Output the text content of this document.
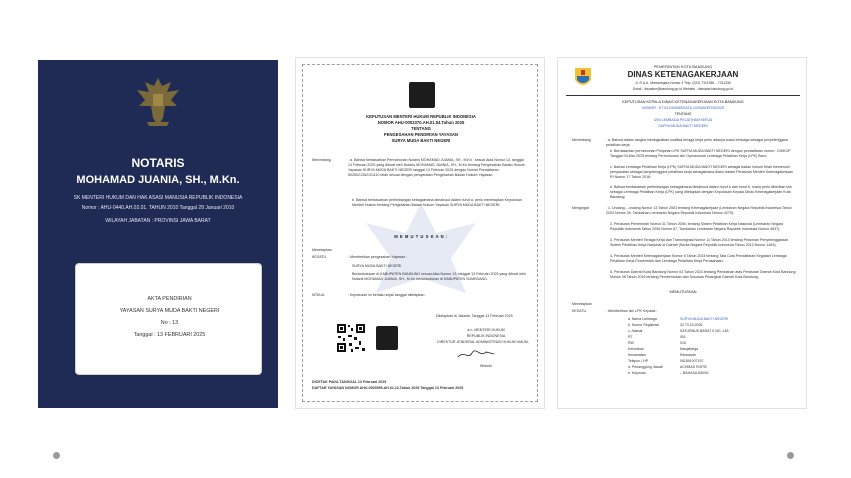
NOTARIS
MOHAMAD JUANIA, SH., M.Kn.
SK MENTERI HUKUM DAN HAK ASASI MANUSIA REPUBLIK INDONESIA
Nomor : AHU-0440.AH.02.01. TAHUN 2010 Tanggal 28 Januari 2010
WILAYAH JABATAN : PROVINSI JAWA BARAT
AKTA PENDIRIAN
YAYASAN SURYA MUDA BAKTI NEGERI
No : 13
Tanggal : 13 FEBRUARI 2025
KEPUTUSAN MENTERI HUKUM REPUBLIK INDONESIA
NOMOR AHU-0002370.AH.01.04.Tahun 2025
TENTANG
PENGESAHAN PENDIRIAN YAYASAN
SURYA MUDA BAKTI NEGERI
Menimbang	: a. Bahwa berdasarkan Permohonan Notaris MOHAMAD JUANIA, SH., M.Kn , sesuai Akta Nomor 13, tanggal 13 Februari 2025 yang dibuat oleh Notaris MOHAMAD JUANIA, SH., M.Kn tentang Pengesahan Badan Hukum Yayasan SURYA MUDA BAKTI NEGERI tanggal 13 Februari 2025 dengan Nomor Pendaftaran 5025021352101110 telah sesuai dengan persyaratan Pengesahan Badan Hukum Yayasan;
b. Bahwa berdasarkan pertimbangan sebagaimana dimaksud dalam huruf a, perlu menetapkan Keputusan Menteri Hukum tentang Pengesahan Badan Hukum Yayasan SURYA MUDA BAKTI NEGERI;
M E M U T U S K A N :
Menetapkan
KESATU	: Memberikan pengesahan Yayasan :
SURYA MUDA BAKTI NEGERI
Berkedudukan di KABUPATEN BANDUNG sesuai Akta Nomor 13, tanggal 13 Februari 2025 yang dibuat oleh Notaris MOHAMAD JUANIA, SH., M.Kn berkedudukan di KABUPATEN SUMEDANG.
KEDUA	: Keputusan ini berlaku sejak tanggal ditetapkan.
Ditetapkan di Jakarta, Tanggal 13 Februari 2025.
a.n. MENTERI HUKUM
REPUBLIK INDONESIA
DIREKTUR JENDERAL ADMINISTRASI HUKUM UMUM,
Widodo
DICETAK PADA TANGGAL 13 Februari 2025
DAFTAR YAYASAN NOMOR AHU-0003995.AH.01.12.Tahun 2025 Tanggal 13 Februari 2025
PEMERINTAH KOTA BANDUNG
DINAS KETENAGAKERJAAN
Jl. R.A.A. Martanegara Nomor 4 Telp. (022) 7311358 – 7311330
Email : disnaker@bandung.go.id Website : disnaker.bandung.go.id
KEPUTUSAN KEPALA DINAS KETENAGAKERJAAN KOTA BANDUNG
NOMOR : KT.03.04/0085/SATU-DISNAKER/II/2025
TENTANG
IZIN LEMBAGA PELATIHAN KERJA
SURYA MUDA BAKTI NEGERI
Menimbang	: a. Bahwa dalam rangka meningkatkan kualitas tenaga kerja perlu adanya suatu lembaga sebagai penyelenggara pelatihan kerja;
b. Berdasarkan permohonan Pimpinan LPK SURYA MUDA BAKTI NEGERI dengan pendaftaran nomor : DISKOP Tanggal 03-Mar-2025 tentang Permohonan Izin Operasional Lembaga Pelatihan Kerja (LPK) Baru;
c. Bahwa Lembaga Pelatihan Kerja (LPK) SURYA MUDA BAKTI NEGERI sebagai badan hukum telah memenuhi persyaratan sebagai penyelenggara pelatihan kerja sebagaimana diatur dalam Peraturan Menteri Ketenagakerjaan RI Nomor 17 Tahun 2016;
d. Bahwa berdasarkan pertimbangan sebagaimana dimaksud dalam huruf a dan huruf b, maka perlu diberikan izin sebagai Lembaga Pelatihan Kerja (LPK) yang ditetapkan dengan Keputusan Kepala Dinas Ketenagakerjaan Kota Bandung;
Mengingat	: 1. Undang – undang Nomor 13 Tahun 2003 tentang Ketenagakerjaan (Lembaran Negara Republik Indonesia Tahun 2003 Nomor 39, Tambahan Lembaran Negara Republik Indonesia Nomor 4279);
2. Peraturan Pemerintah Nomor 31 Tahun 2006, tentang Sistem Pelatihan Kerja Nasional (Lembaran Negara Republik Indonesia Tahun 2006 Nomor 67, Tambahan Lembaran Negara Republik Indonesia Nomor 4637);
3. Peraturan Menteri Tenaga Kerja dan Transmigrasi Nomor 11 Tahun 2013 tentang Pedoman Penyelenggaraan Sistem Pelatihan Kerja Nasional di Daerah (Berita Negara Republik Indonesia Tahun 2013 Nomor 1463);
4. Peraturan Menteri Ketenagakerjaan Nomor 6 Tahun 2024 tentang Tata Cara Pendaftaran Kegiatan Lembaga Pelatihan Kerja Pemerintah dan Lembaga Pelatihan Kerja Perusahaan;
5. Peraturan Daerah Kota Bandung Nomor 03 Tahun 2023 tentang Perubahan atas Peraturan Daerah Kota Bandung Nomor 08 Tahun 2016 tentang Pembentukan dan Susunan Perangkat Daerah Kota Bandung;
MEMUTUSKAN
Menetapkan
KESATU	: Memberikan izin LPK Kepada :
a. Nama Lembaga	SURYA MUDA BAKTI NEGERI
b. Nomor Registrasi	32.73.15.2025
c. Alamat	SATURNUS BARAT II NO. 14A
RT	001
RW	015
Kelurahan	Manjahlega
Kecamatan	Rancasari
Telepon / HP	081891007197
d. Penanggung Jawab	ACHMAD ROFIE
e. Kejuruan	– BAHASA ASING
